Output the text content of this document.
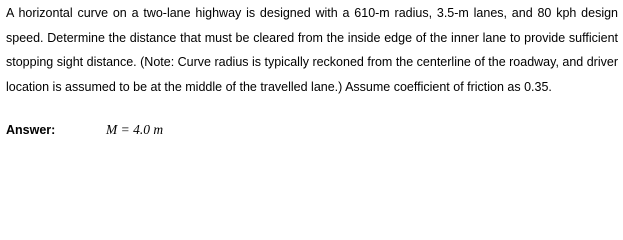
A horizontal curve on a two-lane highway is designed with a 610-m radius, 3.5-m lanes, and 80 kph design speed. Determine the distance that must be cleared from the inside edge of the inner lane to provide sufficient stopping sight distance. (Note: Curve radius is typically reckoned from the centerline of the roadway, and driver location is assumed to be at the middle of the travelled lane.) Assume coefficient of friction as 0.35.

Answer:	M = 4.0 m
